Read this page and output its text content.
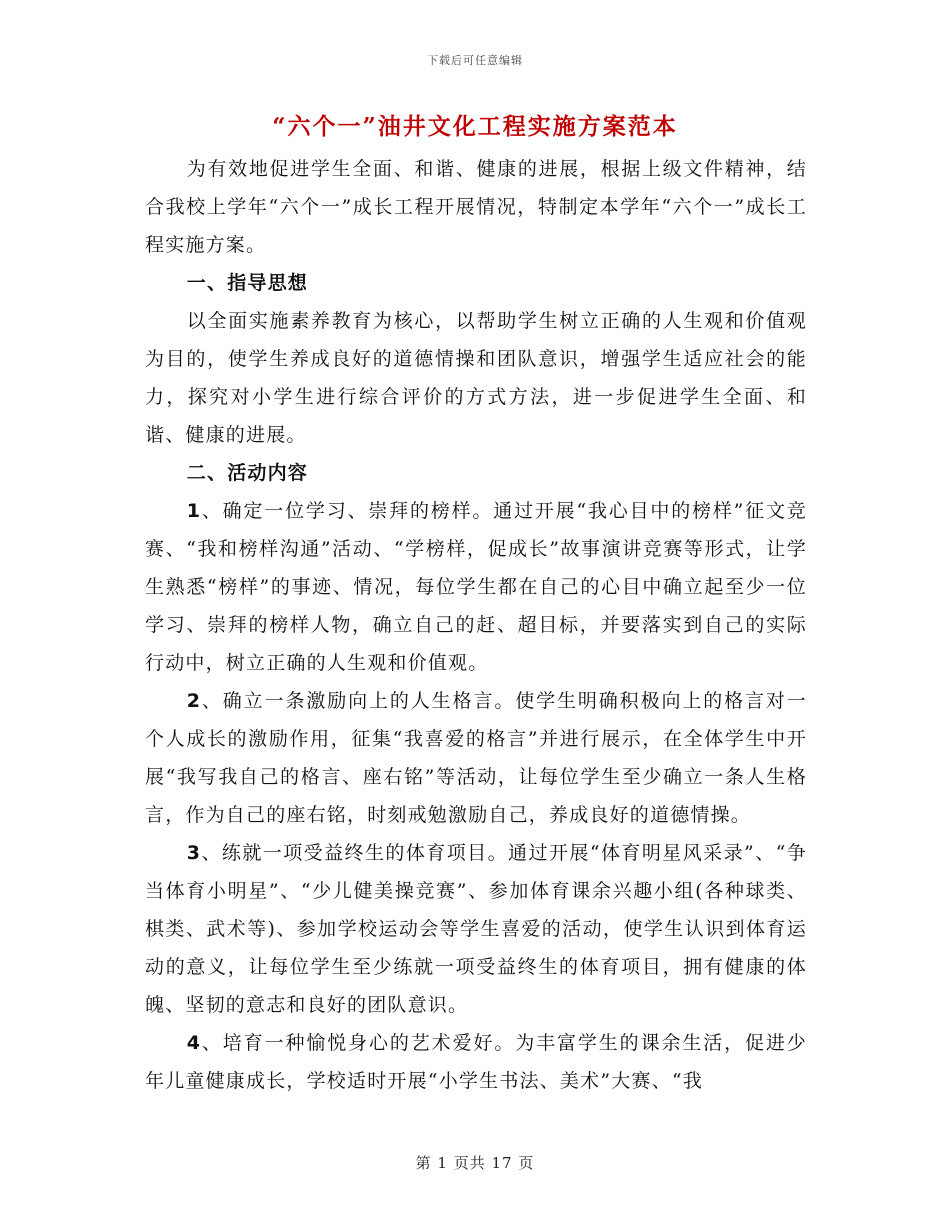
下载后可任意编辑
“六个一”油井文化工程实施方案范本

为有效地促进学生全面、和谐、健康的进展，根据上级文件精神，结合我校上学年“六个一”成长工程开展情况，特制定本学年“六个一”成长工程实施方案。

一、指导思想

以全面实施素养教育为核心，以帮助学生树立正确的人生观和价值观为目的，使学生养成良好的道德情操和团队意识，增强学生适应社会的能力，探究对小学生进行综合评价的方式方法，进一步促进学生全面、和谐、健康的进展。

二、活动内容

1、确定一位学习、崇拜的榜样。通过开展“我心目中的榜样”征文竞赛、“我和榜样沟通”活动、“学榜样，促成长”故事演讲竞赛等形式，让学生熟悉“榜样”的事迹、情况，每位学生都在自己的心目中确立起至少一位学习、崇拜的榜样人物，确立自己的赶、超目标，并要落实到自己的实际行动中，树立正确的人生观和价值观。

2、确立一条激励向上的人生格言。使学生明确积极向上的格言对一个人成长的激励作用，征集“我喜爱的格言”并进行展示，在全体学生中开展“我写我自己的格言、座右铭”等活动，让每位学生至少确立一条人生格言，作为自己的座右铭，时刻戒勉激励自己，养成良好的道德情操。

3、练就一项受益终生的体育项目。通过开展“体育明星风采录”、“争当体育小明星”、“少儿健美操竞赛”、参加体育课余兴趣小组(各种球类、棋类、武术等)、参加学校运动会等学生喜爱的活动，使学生认识到体育运动的意义，让每位学生至少练就一项受益终生的体育项目，拥有健康的体魄、坚韧的意志和良好的团队意识。

4、培育一种愉悦身心的艺术爱好。为丰富学生的课余生活，促进少年儿童健康成长，学校适时开展“小学生书法、美术”大赛、“我

第 1 页共 17 页
